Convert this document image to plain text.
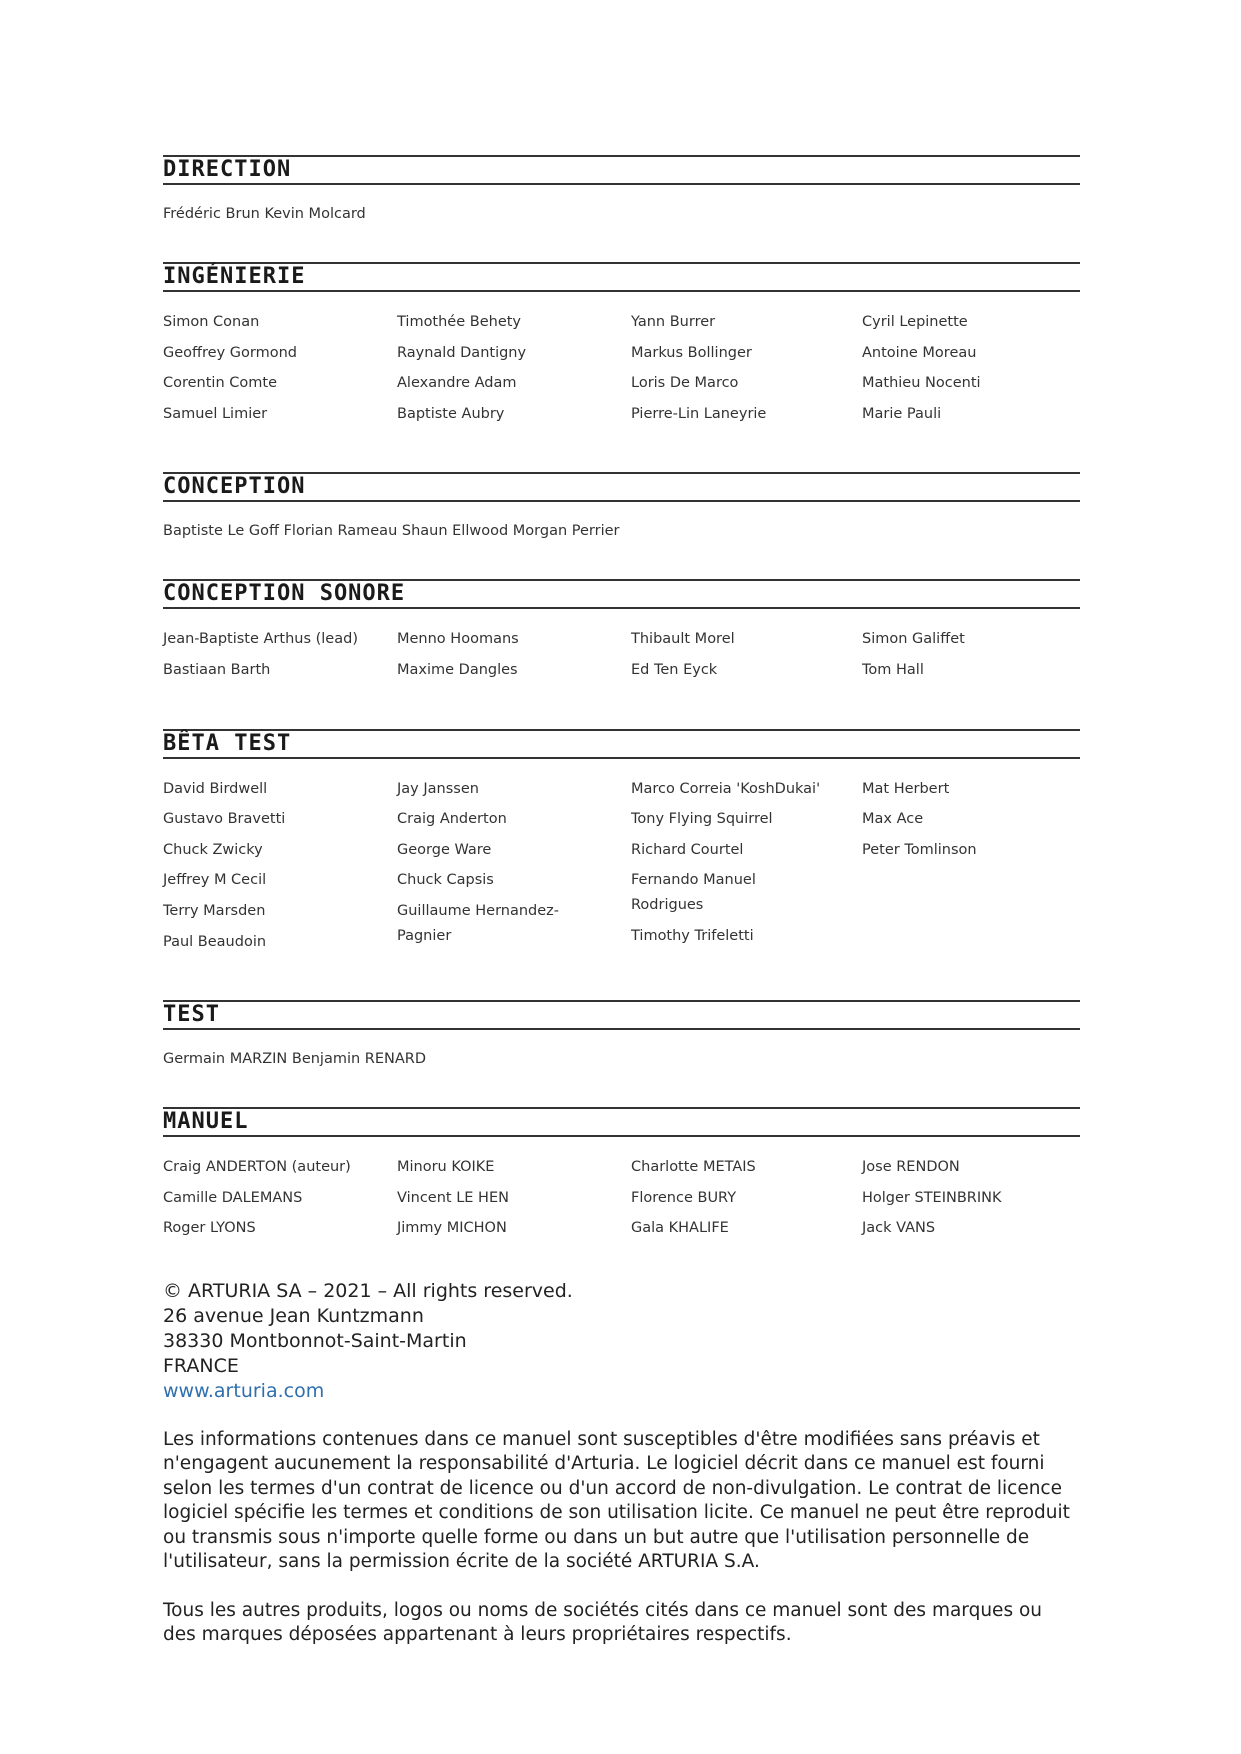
DIRECTION
Frédéric Brun Kevin Molcard
INGÉNIERIE
Simon Conan
Geoffrey Gormond
Corentin Comte
Samuel Limier
Timothée Behety
Raynald Dantigny
Alexandre Adam
Baptiste Aubry
Yann Burrer
Markus Bollinger
Loris De Marco
Pierre-Lin Laneyrie
Cyril Lepinette
Antoine Moreau
Mathieu Nocenti
Marie Pauli
CONCEPTION
Baptiste Le Goff Florian Rameau Shaun Ellwood Morgan Perrier
CONCEPTION SONORE
Jean-Baptiste Arthus (lead)
Bastiaan Barth
Menno Hoomans
Maxime Dangles
Thibault Morel
Ed Ten Eyck
Simon Galiffet
Tom Hall
BÊTA TEST
David Birdwell
Gustavo Bravetti
Chuck Zwicky
Jeffrey M Cecil
Terry Marsden
Paul Beaudoin
Jay Janssen
Craig Anderton
George Ware
Chuck Capsis
Guillaume Hernandez-Pagnier
Marco Correia 'KoshDukai'
Tony Flying Squirrel
Richard Courtel
Fernando Manuel Rodrigues
Timothy Trifeletti
Mat Herbert
Max Ace
Peter Tomlinson
TEST
Germain MARZIN Benjamin RENARD
MANUEL
Craig ANDERTON (auteur)
Camille DALEMANS
Roger LYONS
Minoru KOIKE
Vincent LE HEN
Jimmy MICHON
Charlotte METAIS
Florence BURY
Gala KHALIFE
Jose RENDON
Holger STEINBRINK
Jack VANS
© ARTURIA SA – 2021 – All rights reserved.
26 avenue Jean Kuntzmann
38330 Montbonnot-Saint-Martin
FRANCE
www.arturia.com
Les informations contenues dans ce manuel sont susceptibles d'être modifiées sans préavis et n'engagent aucunement la responsabilité d'Arturia. Le logiciel décrit dans ce manuel est fourni selon les termes d'un contrat de licence ou d'un accord de non-divulgation. Le contrat de licence logiciel spécifie les termes et conditions de son utilisation licite. Ce manuel ne peut être reproduit ou transmis sous n'importe quelle forme ou dans un but autre que l'utilisation personnelle de l'utilisateur, sans la permission écrite de la société ARTURIA S.A.
Tous les autres produits, logos ou noms de sociétés cités dans ce manuel sont des marques ou des marques déposées appartenant à leurs propriétaires respectifs.
